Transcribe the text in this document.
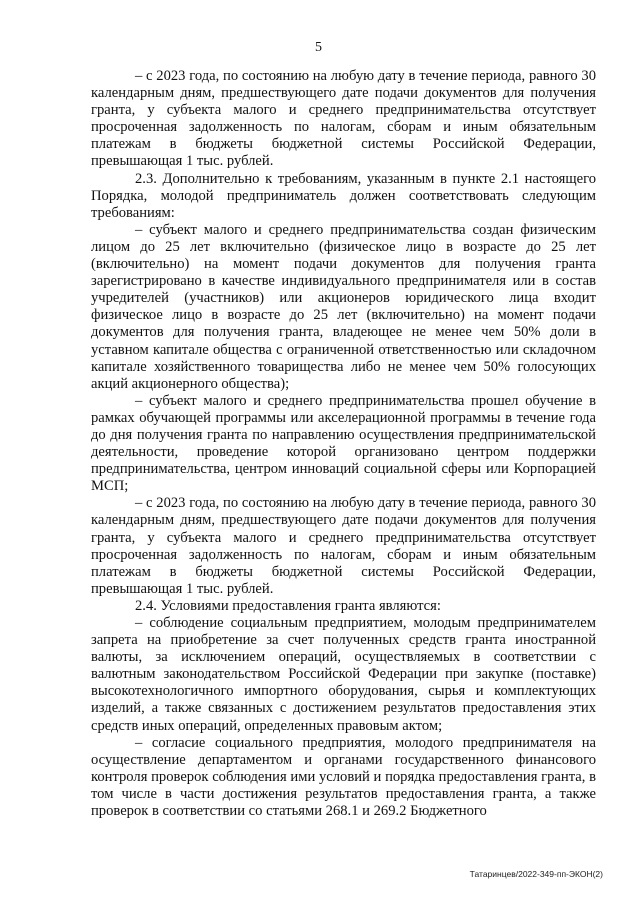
5

– с 2023 года, по состоянию на любую дату в течение периода, равного 30 календарным дням, предшествующего дате подачи документов для получения гранта, у субъекта малого и среднего предпринимательства отсутствует просроченная задолженность по налогам, сборам и иным обязательным платежам в бюджеты бюджетной системы Российской Федерации, превышающая 1 тыс. рублей.

2.3. Дополнительно к требованиям, указанным в пункте 2.1 настоящего Порядка, молодой предприниматель должен соответствовать следующим требованиям:

– субъект малого и среднего предпринимательства создан физическим лицом до 25 лет включительно (физическое лицо в возрасте до 25 лет (включительно) на момент подачи документов для получения гранта зарегистрировано в качестве индивидуального предпринимателя или в состав учредителей (участников) или акционеров юридического лица входит физическое лицо в возрасте до 25 лет (включительно) на момент подачи документов для получения гранта, владеющее не менее чем 50% доли в уставном капитале общества с ограниченной ответственностью или складочном капитале хозяйственного товарищества либо не менее чем 50% голосующих акций акционерного общества);

– субъект малого и среднего предпринимательства прошел обучение в рамках обучающей программы или акселерационной программы в течение года до дня получения гранта по направлению осуществления предпринимательской деятельности, проведение которой организовано центром поддержки предпринимательства, центром инноваций социальной сферы или Корпорацией МСП;

– с 2023 года, по состоянию на любую дату в течение периода, равного 30 календарным дням, предшествующего дате подачи документов для получения гранта, у субъекта малого и среднего предпринимательства отсутствует просроченная задолженность по налогам, сборам и иным обязательным платежам в бюджеты бюджетной системы Российской Федерации, превышающая 1 тыс. рублей.

2.4. Условиями предоставления гранта являются:

– соблюдение социальным предприятием, молодым предпринимателем запрета на приобретение за счет полученных средств гранта иностранной валюты, за исключением операций, осуществляемых в соответствии с валютным законодательством Российской Федерации при закупке (поставке) высокотехнологичного импортного оборудования, сырья и комплектующих изделий, а также связанных с достижением результатов предоставления этих средств иных операций, определенных правовым актом;

– согласие социального предприятия, молодого предпринимателя на осуществление департаментом и органами государственного финансового контроля проверок соблюдения ими условий и порядка предоставления гранта, в том числе в части достижения результатов предоставления гранта, а также проверок в соответствии со статьями 268.1 и 269.2 Бюджетного

Татаринцев/2022-349-пп-ЭКОН(2)
